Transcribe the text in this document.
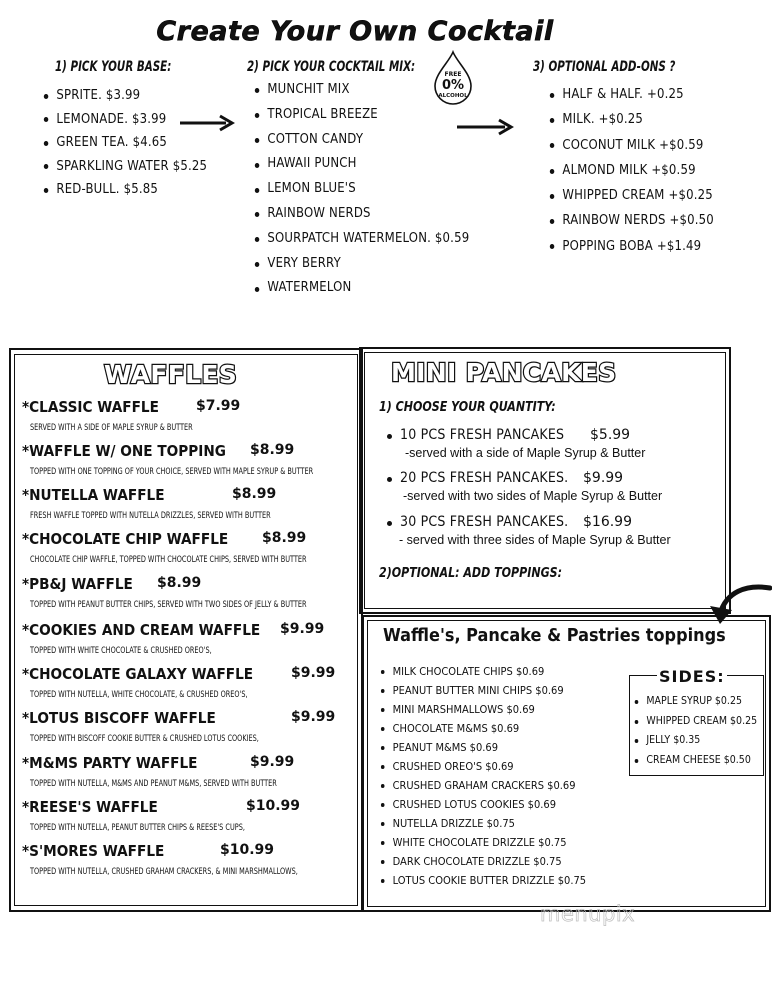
Create Your Own Cocktail
1) PICK YOUR BASE:
SPRITE. $3.99
LEMONADE. $3.99
GREEN TEA. $4.65
SPARKLING WATER $5.25
RED-BULL. $5.85
2) PICK YOUR COCKTAIL MIX:	FREE
0%
ALCOHOL
MUNCHIT MIX
TROPICAL BREEZE
COTTON CANDY
HAWAII PUNCH
LEMON BLUE'S
RAINBOW NERDS
SOURPATCH WATERMELON. $0.59
VERY BERRY
WATERMELON
3) OPTIONAL ADD-ONS ?
HALF & HALF. +0.25
MILK. +$0.25
COCONUT MILK +$0.59
ALMOND MILK +$0.59
WHIPPED CREAM +$0.25
RAINBOW NERDS +$0.50
POPPING BOBA +$1.49
WAFFLES
*CLASSIC WAFFLE	$7.99
SERVED WITH A SIDE OF MAPLE SYRUP & BUTTER
*WAFFLE W/ ONE TOPPING $8.99
TOPPED WITH ONE TOPPING OF YOUR CHOICE, SERVED WITH MAPLE SYRUP & BUTTER
*NUTELLA WAFFLE	$8.99
FRESH WAFFLE TOPPED WITH NUTELLA DRIZZLES, SERVED WITH BUTTER
*CHOCOLATE CHIP WAFFLE $8.99
CHOCOLATE CHIP WAFFLE, TOPPED WITH CHOCOLATE CHIPS, SERVED WITH BUTTER
*PB&J WAFFLE $8.99
TOPPED WITH PEANUT BUTTER CHIPS, SERVED WITH TWO SIDES OF JELLY & BUTTER
*COOKIES AND CREAM WAFFLE $9.99
TOPPED WITH WHITE CHOCOLATE & CRUSHED OREO'S,
*CHOCOLATE GALAXY WAFFLE	$9.99
TOPPED WITH NUTELLA, WHITE CHOCOLATE, & CRUSHED OREO'S,
*LOTUS BISCOFF WAFFLE	$9.99
TOPPED WITH BISCOFF COOKIE BUTTER & CRUSHED LOTUS COOKIES,
*M&MS PARTY WAFFLE	$9.99
TOPPED WITH NUTELLA, M&MS AND PEANUT M&MS, SERVED WITH BUTTER
*REESE'S WAFFLE	$10.99
TOPPED WITH NUTELLA, PEANUT BUTTER CHIPS & REESE'S CUPS,
*S'MORES WAFFLE	$10.99
TOPPED WITH NUTELLA, CRUSHED GRAHAM CRACKERS, & MINI MARSHMALLOWS,
MINI PANCAKES
1) CHOOSE YOUR QUANTITY:
10 PCS FRESH PANCAKES $5.99
-served with a side of Maple Syrup & Butter
20 PCS FRESH PANCAKES. $9.99
-served with two sides of Maple Syrup & Butter
30 PCS FRESH PANCAKES. $16.99
- served with three sides of Maple Syrup & Butter
2)OPTIONAL: ADD TOPPINGS:
Waffle's, Pancake & Pastries toppings
MILK CHOCOLATE CHIPS $0.69
PEANUT BUTTER MINI CHIPS $0.69
MINI MARSHMALLOWS $0.69
CHOCOLATE M&MS $0.69
PEANUT M&MS $0.69
CRUSHED OREO'S $0.69
CRUSHED GRAHAM CRACKERS $0.69
CRUSHED LOTUS COOKIES $0.69
NUTELLA DRIZZLE $0.75
WHITE CHOCOLATE DRIZZLE $0.75
DARK CHOCOLATE DRIZZLE $0.75
LOTUS COOKIE BUTTER DRIZZLE $0.75
SIDES:
MAPLE SYRUP $0.25
WHIPPED CREAM $0.25
JELLY $0.35
CREAM CHEESE $0.50
menupix
